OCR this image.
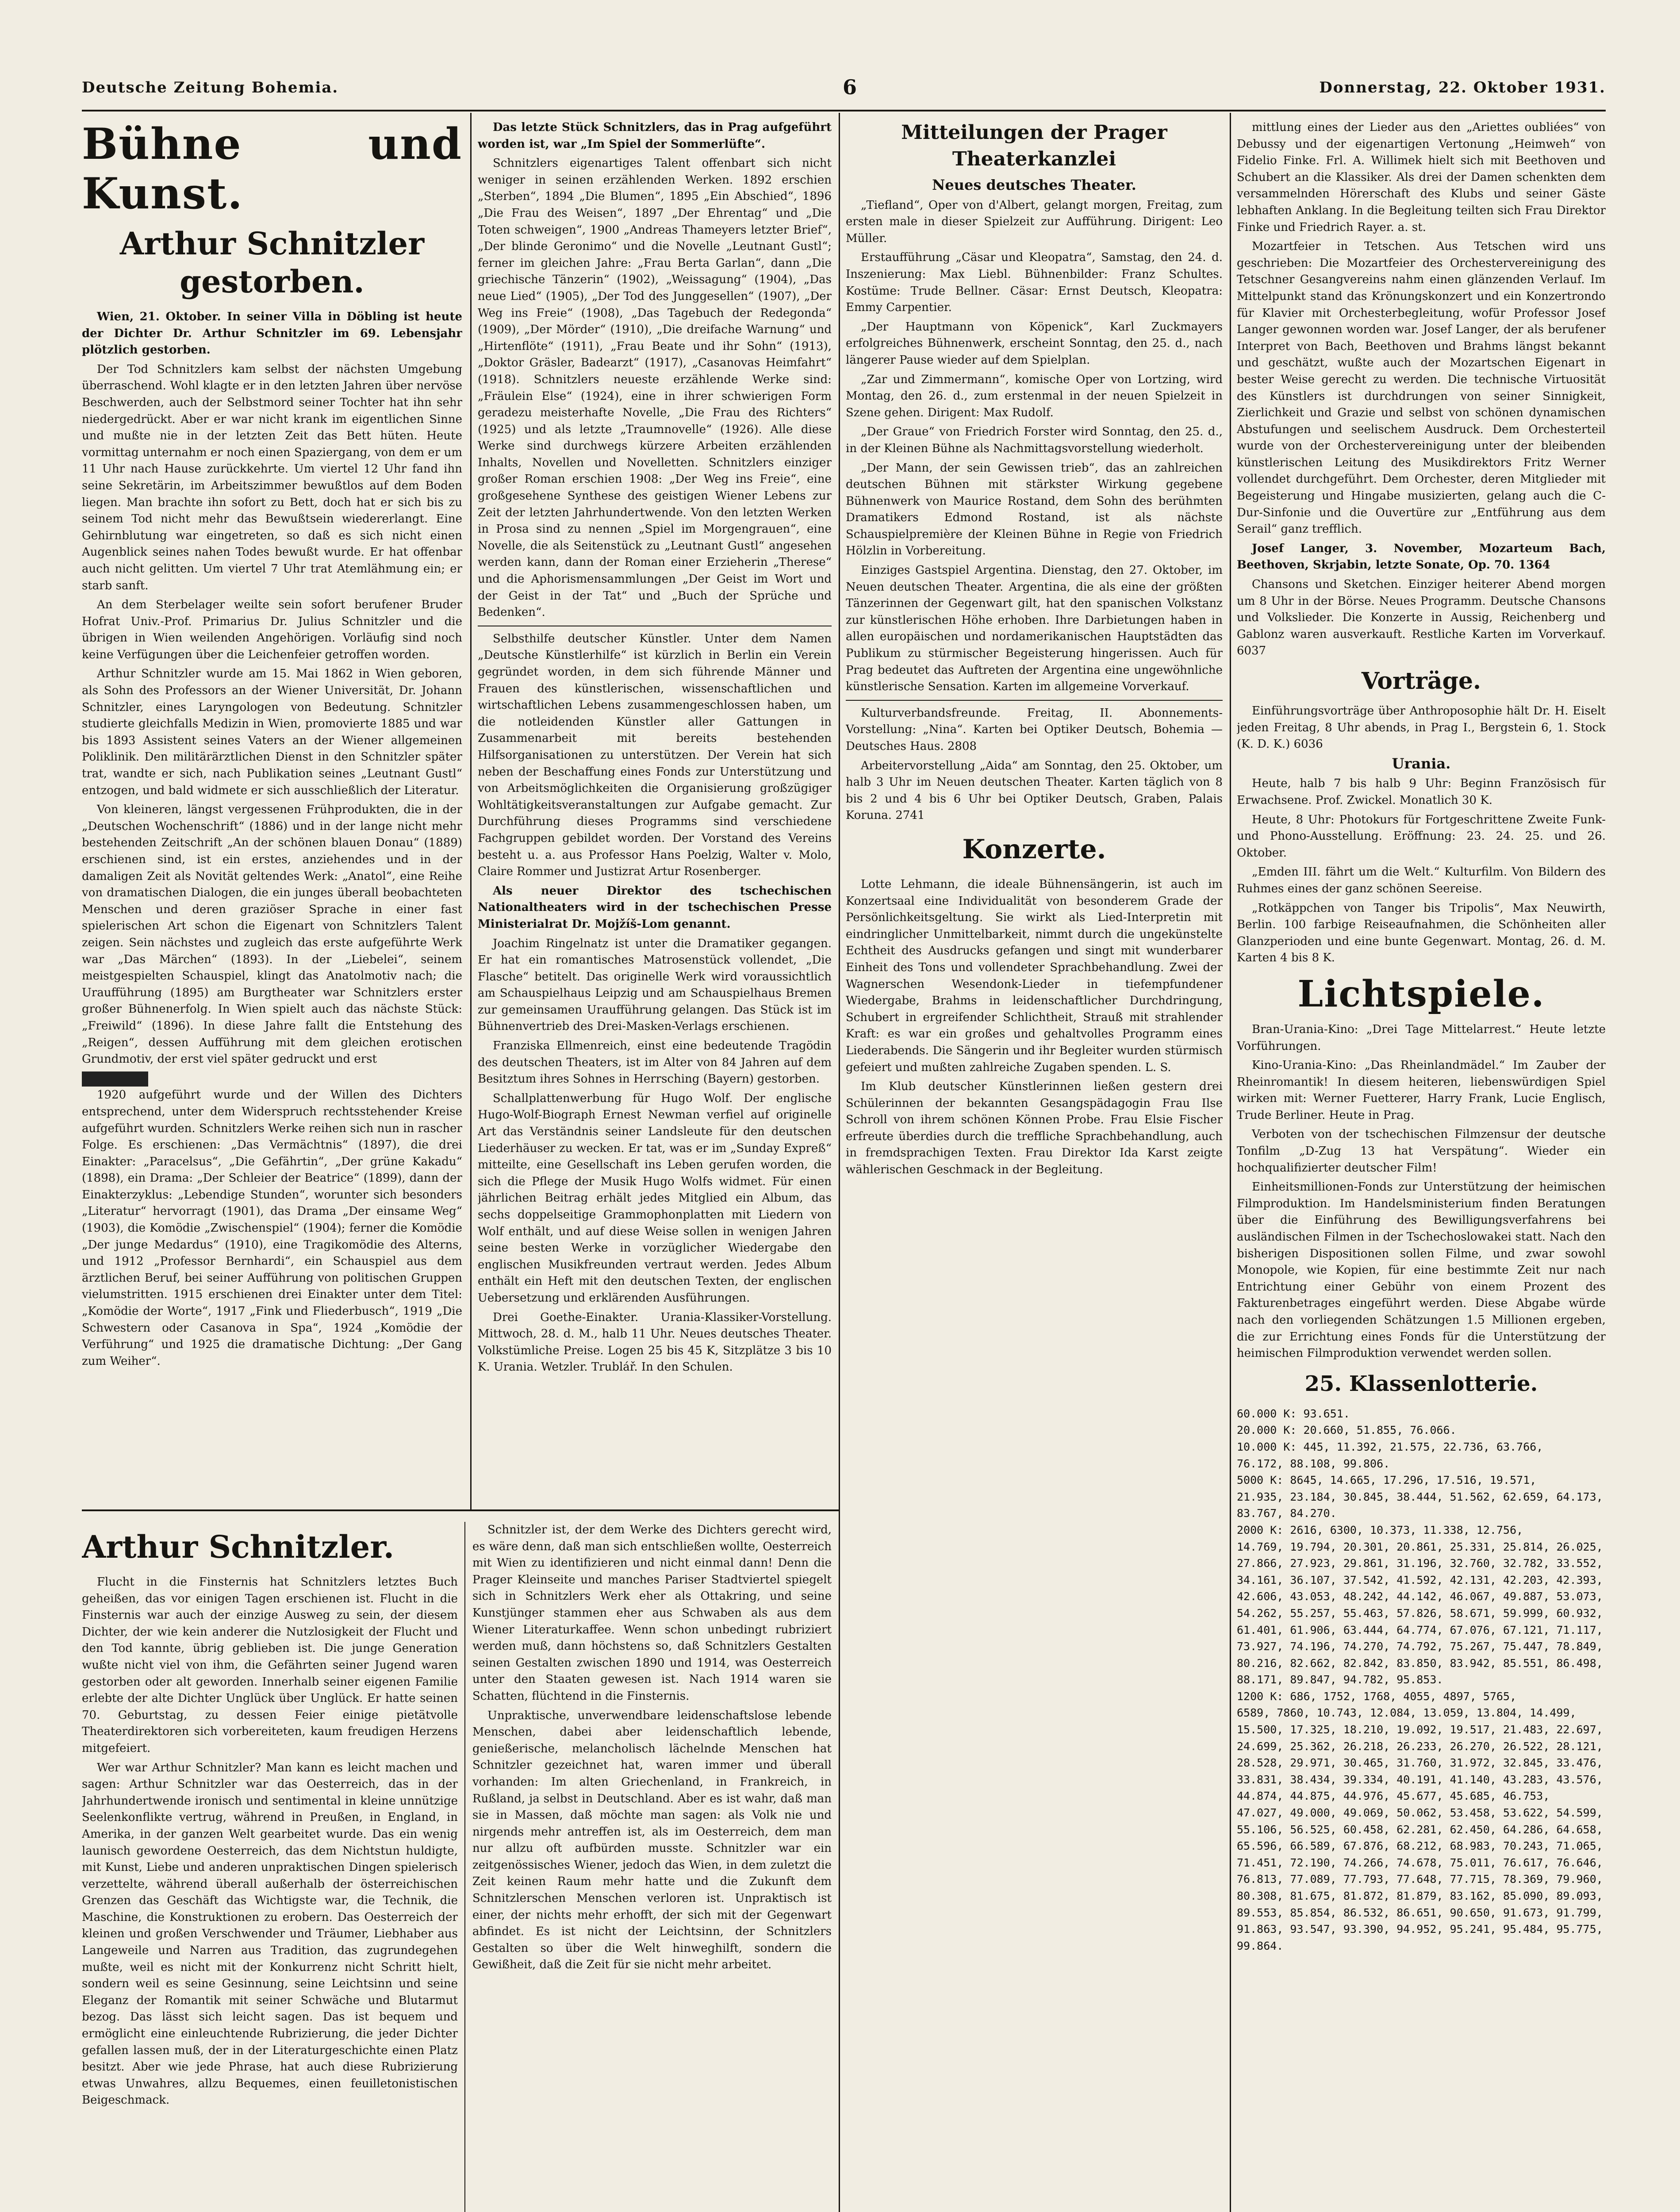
Deutsche Zeitung Bohemia.	6	Donnerstag, 22. Oktober 1931.
Bühne und Kunst.
Arthur Schnitzler gestorben.

Wien, 21. Oktober. In seiner Villa in Döbling ist heute der Dichter Dr. Arthur Schnitzler im 69. Lebensjahr plötzlich gestorben.

Der Tod Schnitzlers kam selbst der nächsten Umgebung überraschend. Wohl klagte er in den letzten Jahren über nervöse Beschwerden, auch der Selbstmord seiner Tochter hat ihn sehr niedergedrückt. Aber er war nicht krank im eigentlichen Sinne und mußte nie in der letzten Zeit das Bett hüten. Heute vormittag unternahm er noch einen Spaziergang, von dem er um 11 Uhr nach Hause zurückkehrte. Um viertel 12 Uhr fand ihn seine Sekretärin, im Arbeitszimmer bewußtlos auf dem Boden liegen. Man brachte ihn sofort zu Bett, doch hat er sich bis zu seinem Tod nicht mehr das Bewußtsein wiedererlangt. Eine Gehirnblutung war eingetreten, so daß es sich nicht einen Augenblick seines nahen Todes bewußt wurde. Er hat offenbar auch nicht gelitten. Um viertel 7 Uhr trat Atemlähmung ein; er starb sanft.

An dem Sterbelager weilte sein sofort berufener Bruder Hofrat Univ.-Prof. Primarius Dr. Julius Schnitzler und die übrigen in Wien weilenden Angehörigen. Vorläufig sind noch keine Verfügungen über die Leichenfeier getroffen worden.

Arthur Schnitzler wurde am 15. Mai 1862 in Wien geboren, als Sohn des Professors an der Wiener Universität, Dr. Johann Schnitzler, eines Laryngologen von Bedeutung. Schnitzler studierte gleichfalls Medizin in Wien, promovierte 1885 und war bis 1893 Assistent seines Vaters an der Wiener allgemeinen Poliklinik. Den militärärztlichen Dienst in den Schnitzler später trat, wandte er sich, nach Publikation seines „Leutnant Gustl“ entzogen, und bald widmete er sich ausschließlich der Literatur.

Von kleineren, längst vergessenen Frühprodukten, die in der „Deutschen Wochenschrift“ (1886) und in der lange nicht mehr bestehenden Zeitschrift „An der schönen blauen Donau“ (1889) erschienen sind, ist ein erstes, anziehendes und in der damaligen Zeit als Novität geltendes Werk: „Anatol“, eine Reihe von dramatischen Dialogen, die ein junges überall beobachteten Menschen und deren graziöser Sprache in einer fast spielerischen Art schon die Eigenart von Schnitzlers Talent zeigen. Sein nächstes und zugleich das erste aufgeführte Werk war „Das Märchen“ (1893). In der „Liebelei“, seinem meistgespielten Schauspiel, klingt das Anatolmotiv nach; die Uraufführung (1895) am Burgtheater war Schnitzlers erster großer Bühnenerfolg. In Wien spielt auch das nächste Stück: „Freiwild“ (1896). In diese Jahre fallt die Entstehung des „Reigen“, dessen Aufführung mit dem gleichen erotischen Grundmotiv, der erst viel später gedruckt und erst

1920 aufgeführt wurde und der Willen des Dichters entsprechend, unter dem Widerspruch rechtsstehender Kreise aufgeführt wurden. Schnitzlers Werke reihen sich nun in rascher Folge. Es erschienen: „Das Vermächtnis“ (1897), die drei Einakter: „Paracelsus“, „Die Gefährtin“, „Der grüne Kakadu“ (1898), ein Drama: „Der Schleier der Beatrice“ (1899), dann der Einakterzyklus: „Lebendige Stunden“, worunter sich besonders „Literatur“ hervorragt (1901), das Drama „Der einsame Weg“ (1903), die Komödie „Zwischenspiel“ (1904); ferner die Komödie „Der junge Medardus“ (1910), eine Tragikomödie des Alterns, und 1912 „Professor Bernhardi“, ein Schauspiel aus dem ärztlichen Beruf, bei seiner Aufführung von politischen Gruppen vielumstritten. 1915 erschienen drei Einakter unter dem Titel: „Komödie der Worte“, 1917 „Fink und Fliederbusch“, 1919 „Die Schwestern oder Casanova in Spa“, 1924 „Komödie der Verführung“ und 1925 die dramatische Dichtung: „Der Gang zum Weiher“.

Das letzte Stück Schnitzlers, das in Prag aufgeführt worden ist, war „Im Spiel der Sommerlüfte“.

Schnitzlers eigenartiges Talent offenbart sich nicht weniger in seinen erzählenden Werken. 1892 erschien „Sterben“, 1894 „Die Blumen“, 1895 „Ein Abschied“, 1896 „Die Frau des Weisen“, 1897 „Der Ehrentag“ und „Die Toten schweigen“, 1900 „Andreas Thameyers letzter Brief“, „Der blinde Geronimo“ und die Novelle „Leutnant Gustl“; ferner im gleichen Jahre: „Frau Berta Garlan“, dann „Die griechische Tänzerin“ (1902), „Weissagung“ (1904), „Das neue Lied“ (1905), „Der Tod des Junggesellen“ (1907), „Der Weg ins Freie“ (1908), „Das Tagebuch der Redegonda“ (1909), „Der Mörder“ (1910), „Die dreifache Warnung“ und „Hirtenflöte“ (1911), „Frau Beate und ihr Sohn“ (1913), „Doktor Gräsler, Badearzt“ (1917), „Casanovas Heimfahrt“ (1918). Schnitzlers neueste erzählende Werke sind: „Fräulein Else“ (1924), eine in ihrer schwierigen Form geradezu meisterhafte Novelle, „Die Frau des Richters“ (1925) und als letzte „Traumnovelle“ (1926). Alle diese Werke sind durchwegs kürzere Arbeiten erzählenden Inhalts, Novellen und Novelletten. Schnitzlers einziger großer Roman erschien 1908: „Der Weg ins Freie“, eine großgesehene Synthese des geistigen Wiener Lebens zur Zeit der letzten Jahrhundertwende. Von den letzten Werken in Prosa sind zu nennen „Spiel im Morgengrauen“, eine Novelle, die als Seitenstück zu „Leutnant Gustl“ angesehen werden kann, dann der Roman einer Erzieherin „Therese“ und die Aphorismensammlungen „Der Geist im Wort und der Geist in der Tat“ und „Buch der Sprüche und Bedenken“.

Selbsthilfe deutscher Künstler. Unter dem Namen „Deutsche Künstlerhilfe“ ist kürzlich in Berlin ein Verein gegründet worden, in dem sich führende Männer und Frauen des künstlerischen, wissenschaftlichen und wirtschaftlichen Lebens zusammengeschlossen haben, um die notleidenden Künstler aller Gattungen in Zusammenarbeit mit bereits bestehenden Hilfsorganisationen zu unterstützen. Der Verein hat sich neben der Beschaffung eines Fonds zur Unterstützung und von Arbeitsmöglichkeiten die Organisierung großzügiger Wohltätigkeitsveranstaltungen zur Aufgabe gemacht. Zur Durchführung dieses Programms sind verschiedene Fachgruppen gebildet worden. Der Vorstand des Vereins besteht u. a. aus Professor Hans Poelzig, Walter v. Molo, Claire Rommer und Justizrat Artur Rosenberger.

Als neuer Direktor des tschechischen Nationaltheaters wird in der tschechischen Presse Ministerialrat Dr. Mojžíš-Lom genannt.

Joachim Ringelnatz ist unter die Dramatiker gegangen. Er hat ein romantisches Matrosenstück vollendet, „Die Flasche“ betitelt. Das originelle Werk wird voraussichtlich am Schauspielhaus Leipzig und am Schauspielhaus Bremen zur gemeinsamen Uraufführung gelangen. Das Stück ist im Bühnenvertrieb des Drei-Masken-Verlags erschienen.

Franziska Ellmenreich, einst eine bedeutende Tragödin des deutschen Theaters, ist im Alter von 84 Jahren auf dem Besitztum ihres Sohnes in Herrsching (Bayern) gestorben.

Schallplattenwerbung für Hugo Wolf. Der englische Hugo-Wolf-Biograph Ernest Newman verfiel auf originelle Art das Verständnis seiner Landsleute für den deutschen Liederhäuser zu wecken. Er tat, was er im „Sunday Expreß“ mitteilte, eine Gesellschaft ins Leben gerufen worden, die sich die Pflege der Musik Hugo Wolfs widmet. Für einen jährlichen Beitrag erhält jedes Mitglied ein Album, das sechs doppelseitige Grammophonplatten mit Liedern von Wolf enthält, und auf diese Weise sollen in wenigen Jahren seine besten Werke in vorzüglicher Wiedergabe den englischen Musikfreunden vertraut werden. Jedes Album enthält ein Heft mit den deutschen Texten, der englischen Uebersetzung und erklärenden Ausführungen.

Drei Goethe-Einakter. Urania-Klassiker-Vorstellung. Mittwoch, 28. d. M., halb 11 Uhr. Neues deutsches Theater. Volkstümliche Preise. Logen 25 bis 45 K, Sitzplätze 3 bis 10 K. Urania. Wetzler. Trublář. In den Schulen.

Mitteilungen der Prager Theaterkanzlei
Neues deutsches Theater.

„Tiefland“, Oper von d'Albert, gelangt morgen, Freitag, zum ersten male in dieser Spielzeit zur Aufführung. Dirigent: Leo Müller.

Erstaufführung „Cäsar und Kleopatra“, Samstag, den 24. d. Inszenierung: Max Liebl. Bühnenbilder: Franz Schultes. Kostüme: Trude Bellner. Cäsar: Ernst Deutsch, Kleopatra: Emmy Carpentier.

„Der Hauptmann von Köpenick“, Karl Zuckmayers erfolgreiches Bühnenwerk, erscheint Sonntag, den 25. d., nach längerer Pause wieder auf dem Spielplan.

„Zar und Zimmermann“, komische Oper von Lortzing, wird Montag, den 26. d., zum erstenmal in der neuen Spielzeit in Szene gehen. Dirigent: Max Rudolf.

„Der Graue“ von Friedrich Forster wird Sonntag, den 25. d., in der Kleinen Bühne als Nachmittagsvorstellung wiederholt.

„Der Mann, der sein Gewissen trieb“, das an zahlreichen deutschen Bühnen mit stärkster Wirkung gegebene Bühnenwerk von Maurice Rostand, dem Sohn des berühmten Dramatikers Edmond Rostand, ist als nächste Schauspielpremière der Kleinen Bühne in Regie von Friedrich Hölzlin in Vorbereitung.

Einziges Gastspiel Argentina. Dienstag, den 27. Oktober, im Neuen deutschen Theater. Argentina, die als eine der größten Tänzerinnen der Gegenwart gilt, hat den spanischen Volkstanz zur künstlerischen Höhe erhoben. Ihre Darbietungen haben in allen europäischen und nordamerikanischen Hauptstädten das Publikum zu stürmischer Begeisterung hingerissen. Auch für Prag bedeutet das Auftreten der Argentina eine ungewöhnliche künstlerische Sensation. Karten im allgemeine Vorverkauf.

Kulturverbandsfreunde. Freitag, II. Abonnements-Vorstellung: „Nina“. Karten bei Optiker Deutsch, Bohemia — Deutsches Haus. 2808

Arbeitervorstellung „Aida“ am Sonntag, den 25. Oktober, um halb 3 Uhr im Neuen deutschen Theater. Karten täglich von 8 bis 2 und 4 bis 6 Uhr bei Optiker Deutsch, Graben, Palais Koruna. 2741

Konzerte.

Lotte Lehmann, die ideale Bühnensängerin, ist auch im Konzertsaal eine Individualität von besonderem Grade der Persönlichkeitsgeltung. Sie wirkt als Lied-Interpretin mit eindringlicher Unmittelbarkeit, nimmt durch die ungekünstelte Echtheit des Ausdrucks gefangen und singt mit wunderbarer Einheit des Tons und vollendeter Sprachbehandlung. Zwei der Wagnerschen Wesendonk-Lieder in tiefempfundener Wiedergabe, Brahms in leidenschaftlicher Durchdringung, Schubert in ergreifender Schlichtheit, Strauß mit strahlender Kraft: es war ein großes und gehaltvolles Programm eines Liederabends. Die Sängerin und ihr Begleiter wurden stürmisch gefeiert und mußten zahlreiche Zugaben spenden. L. S.

Im Klub deutscher Künstlerinnen ließen gestern drei Schülerinnen der bekannten Gesangspädagogin Frau Ilse Schroll von ihrem schönen Können Probe. Frau Elsie Fischer erfreute überdies durch die treffliche Sprachbehandlung, auch in fremdsprachigen Texten. Frau Direktor Ida Karst zeigte wählerischen Geschmack in der Begleitung.

mittlung eines der Lieder aus den „Ariettes oubliées“ von Debussy und der eigenartigen Vertonung „Heimweh“ von Fidelio Finke. Frl. A. Willimek hielt sich mit Beethoven und Schubert an die Klassiker. Als drei der Damen schenkten dem versammelnden Hörerschaft des Klubs und seiner Gäste lebhaften Anklang. In die Begleitung teilten sich Frau Direktor Finke und Friedrich Rayer. a. st.

Mozartfeier in Tetschen. Aus Tetschen wird uns geschrieben: Die Mozartfeier des Orchestervereinigung des Tetschner Gesangvereins nahm einen glänzenden Verlauf. Im Mittelpunkt stand das Krönungskonzert und ein Konzertrondo für Klavier mit Orchesterbegleitung, wofür Professor Josef Langer gewonnen worden war. Josef Langer, der als berufener Interpret von Bach, Beethoven und Brahms längst bekannt und geschätzt, wußte auch der Mozartschen Eigenart in bester Weise gerecht zu werden. Die technische Virtuosität des Künstlers ist durchdrungen von seiner Sinnigkeit, Zierlichkeit und Grazie und selbst von schönen dynamischen Abstufungen und seelischem Ausdruck. Dem Orchesterteil wurde von der Orchestervereinigung unter der bleibenden künstlerischen Leitung des Musikdirektors Fritz Werner vollendet durchgeführt. Dem Orchester, deren Mitglieder mit Begeisterung und Hingabe musizierten, gelang auch die C-Dur-Sinfonie und die Ouvertüre zur „Entführung aus dem Serail“ ganz trefflich.

Josef Langer, 3. November, Mozarteum Bach, Beethoven, Skrjabin, letzte Sonate, Op. 70. 1364

Chansons und Sketchen. Einziger heiterer Abend morgen um 8 Uhr in der Börse. Neues Programm. Deutsche Chansons und Volkslieder. Die Konzerte in Aussig, Reichenberg und Gablonz waren ausverkauft. Restliche Karten im Vorverkauf. 6037

Vorträge.

Einführungsvorträge über Anthroposophie hält Dr. H. Eiselt jeden Freitag, 8 Uhr abends, in Prag I., Bergstein 6, 1. Stock (K. D. K.) 6036

Urania.

Heute, halb 7 bis halb 9 Uhr: Beginn Französisch für Erwachsene. Prof. Zwickel. Monatlich 30 K.

Heute, 8 Uhr: Photokurs für Fortgeschrittene Zweite Funk- und Phono-Ausstellung. Eröffnung: 23. 24. 25. und 26. Oktober.

„Emden III. fährt um die Welt.“ Kulturfilm. Von Bildern des Ruhmes eines der ganz schönen Seereise.

„Rotkäppchen von Tanger bis Tripolis“, Max Neuwirth, Berlin. 100 farbige Reiseaufnahmen, die Schönheiten aller Glanzperioden und eine bunte Gegenwart. Montag, 26. d. M. Karten 4 bis 8 K.

Lichtspiele.

Bran-Urania-Kino: „Drei Tage Mittelarrest.“ Heute letzte Vorführungen.

Kino-Urania-Kino: „Das Rheinlandmädel.“ Im Zauber der Rheinromantik! In diesem heiteren, liebenswürdigen Spiel wirken mit: Werner Fuetterer, Harry Frank, Lucie Englisch, Trude Berliner. Heute in Prag.

Verboten von der tschechischen Filmzensur der deutsche Tonfilm „D-Zug 13 hat Verspätung“. Wieder ein hochqualifizierter deutscher Film!

Einheitsmillionen-Fonds zur Unterstützung der heimischen Filmproduktion. Im Handelsministerium finden Beratungen über die Einführung des Bewilligungsverfahrens bei ausländischen Filmen in der Tschechoslowakei statt. Nach den bisherigen Dispositionen sollen Filme, und zwar sowohl Monopole, wie Kopien, für eine bestimmte Zeit nur nach Entrichtung einer Gebühr von einem Prozent des Fakturenbetrages eingeführt werden. Diese Abgabe würde nach den vorliegenden Schätzungen 1.5 Millionen ergeben, die zur Errichtung eines Fonds für die Unterstützung der heimischen Filmproduktion verwendet werden sollen.

25. Klassenlotterie.
60.000 K: 93.651.
20.000 K: 20.660, 51.855, 76.066.
10.000 K: 445, 11.392, 21.575, 22.736, 63.766,
76.172, 88.108, 99.806.
5000 K: 8645, 14.665, 17.296, 17.516, 19.571,
21.935, 23.184, 30.845, 38.444, 51.562, 62.659, 64.173,
83.767, 84.270.
2000 K: 2616, 6300, 10.373, 11.338, 12.756,
14.769, 19.794, 20.301, 20.861, 25.331, 25.814, 26.025,
27.866, 27.923, 29.861, 31.196, 32.760, 32.782, 33.552,
34.161, 36.107, 37.542, 41.592, 42.131, 42.203, 42.393,
42.606, 43.053, 48.242, 44.142, 46.067, 49.887, 53.073,
54.262, 55.257, 55.463, 57.826, 58.671, 59.999, 60.932,
61.401, 61.906, 63.444, 64.774, 67.076, 67.121, 71.117,
73.927, 74.196, 74.270, 74.792, 75.267, 75.447, 78.849,
80.216, 82.662, 82.842, 83.850, 83.942, 85.551, 86.498,
88.171, 89.847, 94.782, 95.853.
1200 K: 686, 1752, 1768, 4055, 4897, 5765,
6589, 7860, 10.743, 12.084, 13.059, 13.804, 14.499,
15.500, 17.325, 18.210, 19.092, 19.517, 21.483, 22.697,
24.699, 25.362, 26.218, 26.233, 26.270, 26.522, 28.121,
28.528, 29.971, 30.465, 31.760, 31.972, 32.845, 33.476,
33.831, 38.434, 39.334, 40.191, 41.140, 43.283, 43.576,
44.874, 44.875, 44.976, 45.677, 45.685, 46.753,
47.027, 49.000, 49.069, 50.062, 53.458, 53.622, 54.599,
55.106, 56.525, 60.458, 62.281, 62.450, 64.286, 64.658,
65.596, 66.589, 67.876, 68.212, 68.983, 70.243, 71.065,
71.451, 72.190, 74.266, 74.678, 75.011, 76.617, 76.646,
76.813, 77.089, 77.793, 77.648, 77.715, 78.369, 79.960,
80.308, 81.675, 81.872, 81.879, 83.162, 85.090, 89.093,
89.553, 85.854, 86.532, 86.651, 90.650, 91.673, 91.799,
91.863, 93.547, 93.390, 94.952, 95.241, 95.484, 95.775,
99.864.
Arthur Schnitzler.

Flucht in die Finsternis hat Schnitzlers letztes Buch geheißen, das vor einigen Tagen erschienen ist. Flucht in die Finsternis war auch der einzige Ausweg zu sein, der diesem Dichter, der wie kein anderer die Nutzlosigkeit der Flucht und den Tod kannte, übrig geblieben ist. Die junge Generation wußte nicht viel von ihm, die Gefährten seiner Jugend waren gestorben oder alt geworden. Innerhalb seiner eigenen Familie erlebte der alte Dichter Unglück über Unglück. Er hatte seinen 70. Geburtstag, zu dessen Feier einige pietätvolle Theaterdirektoren sich vorbereiteten, kaum freudigen Herzens mitgefeiert.

Wer war Arthur Schnitzler? Man kann es leicht machen und sagen: Arthur Schnitzler war das Oesterreich, das in der Jahrhundertwende ironisch und sentimental in kleine unnützige Seelenkonflikte vertrug, während in Preußen, in England, in Amerika, in der ganzen Welt gearbeitet wurde. Das ein wenig launisch gewordene Oesterreich, das dem Nichtstun huldigte, mit Kunst, Liebe und anderen unpraktischen Dingen spielerisch verzettelte, während überall außerhalb der österreichischen Grenzen das Geschäft das Wichtigste war, die Technik, die Maschine, die Konstruktionen zu erobern. Das Oesterreich der kleinen und großen Verschwender und Träumer, Liebhaber aus Langeweile und Narren aus Tradition, das zugrundegehen mußte, weil es nicht mit der Konkurrenz nicht Schritt hielt, sondern weil es seine Gesinnung, seine Leichtsinn und seine Eleganz der Romantik mit seiner Schwäche und Blutarmut bezog. Das lässt sich leicht sagen. Das ist bequem und ermöglicht eine einleuchtende Rubrizierung, die jeder Dichter gefallen lassen muß, der in der Literaturgeschichte einen Platz besitzt. Aber wie jede Phrase, hat auch diese Rubrizierung etwas Unwahres, allzu Bequemes, einen feuilletonistischen Beigeschmack.

Schnitzler ist, der dem Werke des Dichters gerecht wird, es wäre denn, daß man sich entschließen wollte, Oesterreich mit Wien zu identifizieren und nicht einmal dann! Denn die Prager Kleinseite und manches Pariser Stadtviertel spiegelt sich in Schnitzlers Werk eher als Ottakring, und seine Kunstjünger stammen eher aus Schwaben als aus dem Wiener Literaturkaffee. Wenn schon unbedingt rubriziert werden muß, dann höchstens so, daß Schnitzlers Gestalten seinen Gestalten zwischen 1890 und 1914, was Oesterreich unter den Staaten gewesen ist. Nach 1914 waren sie Schatten, flüchtend in die Finsternis.

Unpraktische, unverwendbare leidenschaftslose lebende Menschen, dabei aber leidenschaftlich lebende, genießerische, melancholisch lächelnde Menschen hat Schnitzler gezeichnet hat, waren immer und überall vorhanden: Im alten Griechenland, in Frankreich, in Rußland, ja selbst in Deutschland. Aber es ist wahr, daß man sie in Massen, daß möchte man sagen: als Volk nie und nirgends mehr antreffen ist, als im Oesterreich, dem man nur allzu oft aufbürden musste. Schnitzler war ein zeitgenössisches Wiener, jedoch das Wien, in dem zuletzt die Zeit keinen Raum mehr hatte und die Zukunft dem Schnitzlerschen Menschen verloren ist. Unpraktisch ist einer, der nichts mehr erhofft, der sich mit der Gegenwart abfindet. Es ist nicht der Leichtsinn, der Schnitzlers Gestalten so über die Welt hinweghilft, sondern die Gewißheit, daß die Zeit für sie nicht mehr arbeitet.
